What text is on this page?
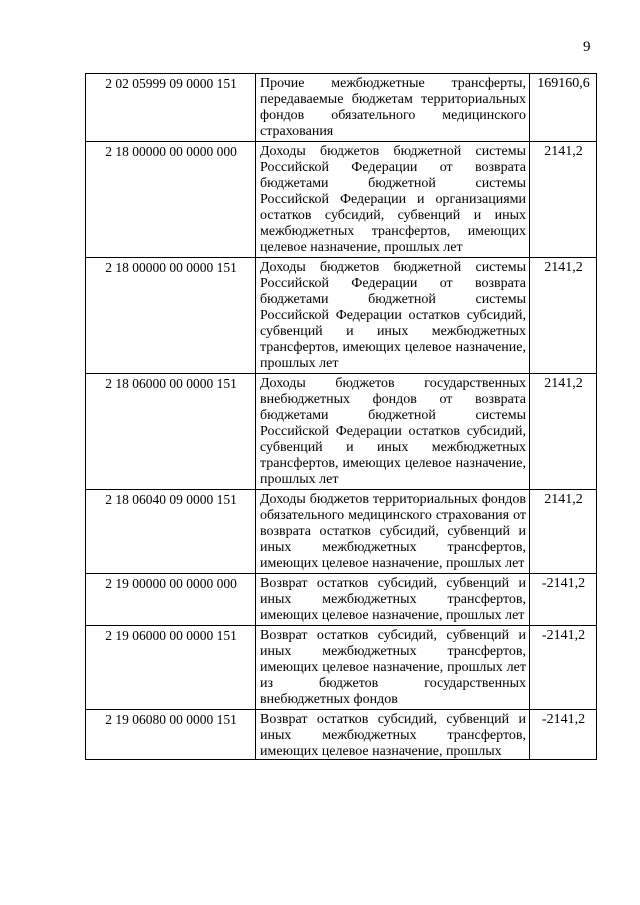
9
2 02 05999 09 0000 151	Прочие межбюджетные трансферты, передаваемые бюджетам территориальных фондов обязательного медицинского страхования	169160,6
2 18 00000 00 0000 000	Доходы бюджетов бюджетной системы Российской Федерации от возврата бюджетами бюджетной системы Российской Федерации и организациями остатков субсидий, субвенций и иных межбюджетных трансфертов, имеющих целевое назначение, прошлых лет	2141,2
2 18 00000 00 0000 151	Доходы бюджетов бюджетной системы Российской Федерации от возврата бюджетами бюджетной системы Российской Федерации остатков субсидий, субвенций и иных межбюджетных трансфертов, имеющих целевое назначение, прошлых лет	2141,2
2 18 06000 00 0000 151	Доходы бюджетов государственных внебюджетных фондов от возврата бюджетами бюджетной системы Российской Федерации остатков субсидий, субвенций и иных межбюджетных трансфертов, имеющих целевое назначение, прошлых лет	2141,2
2 18 06040 09 0000 151	Доходы бюджетов территориальных фондов обязательного медицинского страхования от возврата остатков субсидий, субвенций и иных межбюджетных трансфертов, имеющих целевое назначение, прошлых лет	2141,2
2 19 00000 00 0000 000	Возврат остатков субсидий, субвенций и иных межбюджетных трансфертов, имеющих целевое назначение, прошлых лет	-2141,2
2 19 06000 00 0000 151	Возврат остатков субсидий, субвенций и иных межбюджетных трансфертов, имеющих целевое назначение, прошлых лет из бюджетов государственных внебюджетных фондов	-2141,2
2 19 06080 00 0000 151	Возврат остатков субсидий, субвенций и иных межбюджетных трансфертов, имеющих целевое назначение, прошлых	-2141,2
